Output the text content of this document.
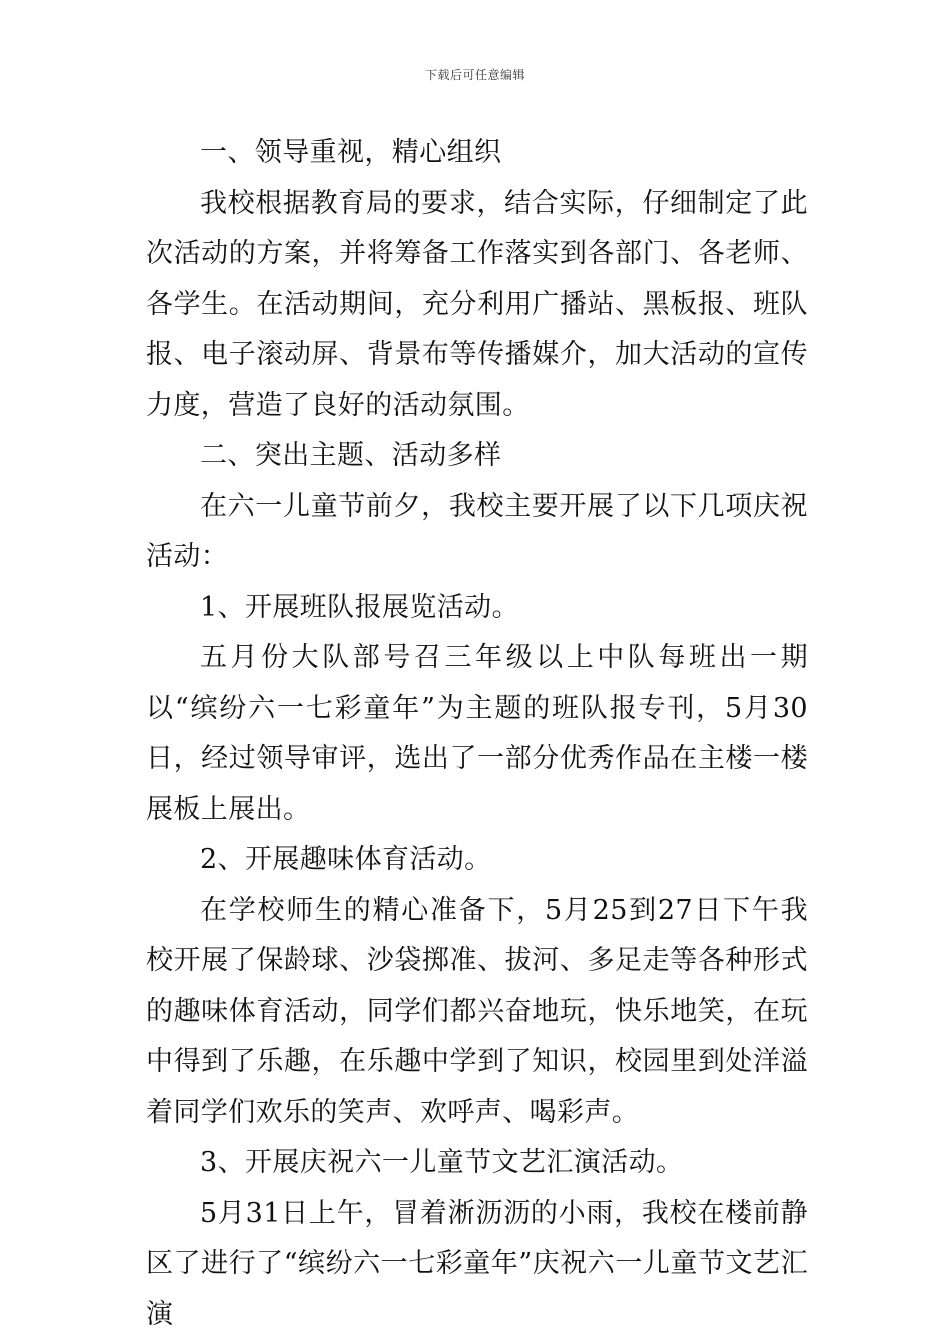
下载后可任意编辑

一、领导重视，精心组织

我校根据教育局的要求，结合实际，仔细制定了此次活动的方案，并将筹备工作落实到各部门、各老师、各学生。在活动期间，充分利用广播站、黑板报、班队报、电子滚动屏、背景布等传播媒介，加大活动的宣传力度，营造了良好的活动氛围。

二、突出主题、活动多样

在六一儿童节前夕，我校主要开展了以下几项庆祝活动：

1、开展班队报展览活动。

五月份大队部号召三年级以上中队每班出一期以“缤纷六一七彩童年”为主题的班队报专刊，5月30日，经过领导审评，选出了一部分优秀作品在主楼一楼展板上展出。

2、开展趣味体育活动。

在学校师生的精心准备下，5月25到27日下午我校开展了保龄球、沙袋掷准、拔河、多足走等各种形式的趣味体育活动，同学们都兴奋地玩，快乐地笑，在玩中得到了乐趣，在乐趣中学到了知识，校园里到处洋溢着同学们欢乐的笑声、欢呼声、喝彩声。

3、开展庆祝六一儿童节文艺汇演活动。

5月31日上午，冒着淅沥沥的小雨，我校在楼前静区了进行了“缤纷六一七彩童年”庆祝六一儿童节文艺汇演
